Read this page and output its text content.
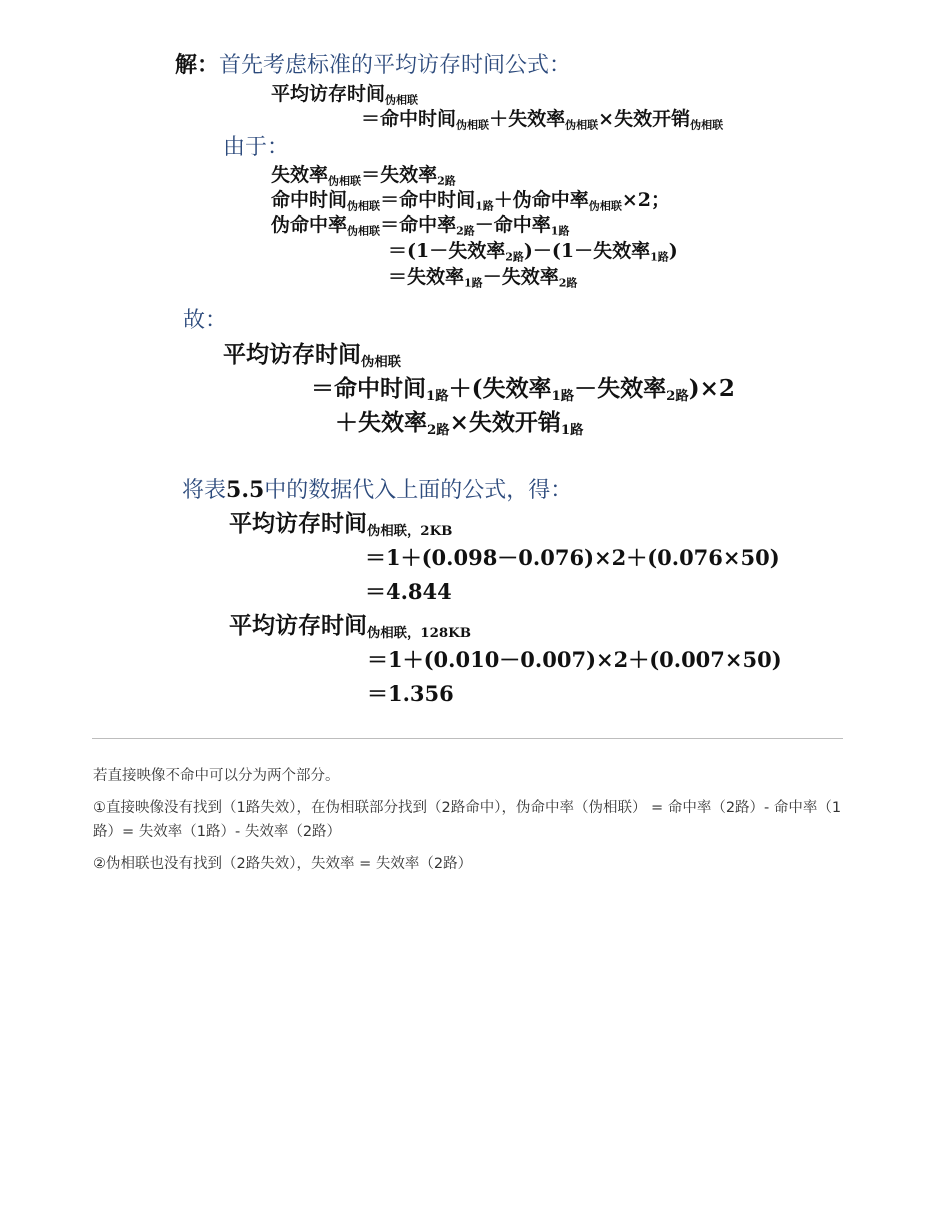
解：首先考虑标准的平均访存时间公式：
平均访存时间$_{伪相联}$
＝命中时间$_{伪相联}$＋失效率$_{伪相联}$×失效开销$_{伪相联}$
由于：
失效率$_{伪相联}$＝失效率$_{2路}$
命中时间$_{伪相联}$＝命中时间$_{1路}$＋伪命中率$_{伪相联}$×2；
伪命中率$_{伪相联}$＝命中率$_{2路}$－命中率$_{1路}$
＝(1－失效率$_{2路}$)－(1－失效率$_{1路}$)
＝失效率$_{1路}$－失效率$_{2路}$
故：
平均访存时间$_{伪相联}$
＝命中时间$_{1路}$＋(失效率$_{1路}$－失效率$_{2路}$)×2
＋失效率$_{2路}$×失效开销$_{1路}$
将表5.5中的数据代入上面的公式，得：
平均访存时间$_{伪相联,2KB}$
＝1＋(0.098－0.076)×2＋(0.076×50)
＝4.844
平均访存时间$_{伪相联,128KB}$
＝1＋(0.010－0.007)×2＋(0.007×50)
＝1.356
若直接映像不命中可以分为两个部分。
①直接映像没有找到（1路失效），在伪相联部分找到（2路命中），伪命中率（伪相联） = 命中率（2路）- 命中率（1路）= 失效率（1路）- 失效率（2路）
②伪相联也没有找到（2路失效），失效率 = 失效率（2路）
